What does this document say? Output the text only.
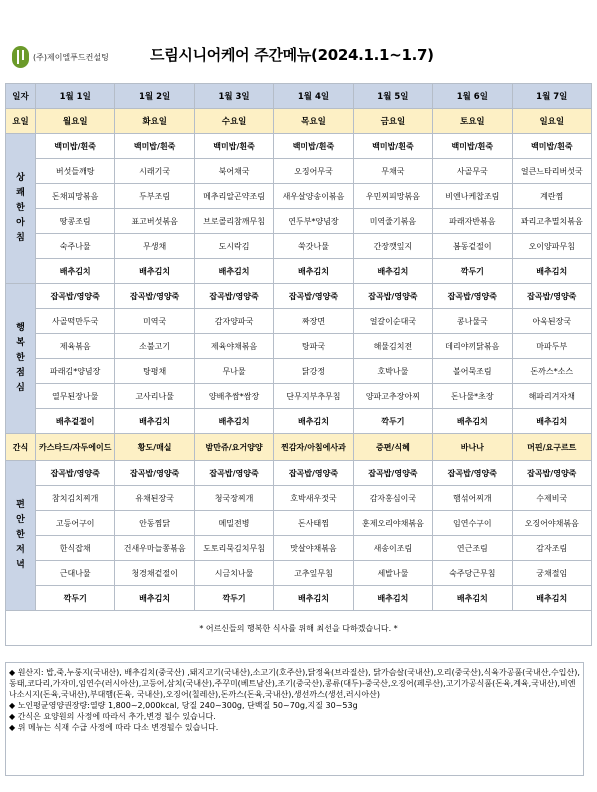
(주)제이엘푸드컨설팅	드림시니어케어 주간메뉴(2024.1.1~1.7)
일자	1월 1일	1월 2일	1월 3일	1월 4일	1월 5일	1월 6일	1월 7일
요일	월요일	화요일	수요일	목요일	금요일	토요일	일요일
상
쾌
한
아
침	백미밥/흰죽	백미밥/흰죽	백미밥/흰죽	백미밥/흰죽	백미밥/흰죽	백미밥/흰죽	백미밥/흰죽
	버섯들깨탕	시래기국	북어채국	오징어무국	무채국	사골무국	얼큰느타리버섯국
	돈채피망볶음	두부조림	메추리알곤약조림	새우살양송이볶음	우민찌피망볶음	비엔나케찹조림	계란찜
	땅콩조림	표고버섯볶음	브로콜리참깨무침	연두부*양념장	미역줄기볶음	파래자반볶음	꽈리고추멸치볶음
	숙주나물	무생채	도시락김	쑥갓나물	간장깻잎지	봄동겉절이	오이양파무침
	배추김치	배추김치	배추김치	배추김치	배추김치	깍두기	배추김치
행
복
한
점
심	잡곡밥/영양죽	잡곡밥/영양죽	잡곡밥/영양죽	잡곡밥/영양죽	잡곡밥/영양죽	잡곡밥/영양죽	잡곡밥/영양죽
	사골떡만두국	미역국	감자양파국	짜장면	얼갈이순대국	콩나물국	아욱된장국
	제육볶음	소불고기	제육야채볶음	탕파국	해물김치전	데리야끼닭볶음	마파두부
	파래김*양념장	탕평채	무나물	닭강정	호박나물	볼어묵조림	돈까스*소스
	열무된장나물	고사리나물	양배추쌈*쌈장	단무지부추무침	양파고추장아찌	돈나물*초장	해파리겨자채
	배추겉절이	배추김치	배추김치	배추김치	깍두기	배추김치	배추김치
간식	카스타드/자두에이드	황도/매실	밤만쥬/요거양양	찐감자/아침에사과	증편/식혜	바나나	머핀/요구르트
편
안
한
저
녁	잡곡밥/영양죽	잡곡밥/영양죽	잡곡밥/영양죽	잡곡밥/영양죽	잡곡밥/영양죽	잡곡밥/영양죽	잡곡밥/영양죽
	참치김치찌개	유채된장국	청국장찌개	호박새우젓국	감자홍심이국	햄섞어찌개	수제비국
	고등어구이	안동찜닭	메밀전병	돈사태찜	훈제오리야채볶음	임연수구이	오징어야채볶음
	한식잡채	건새우마늘쫑볶음	도토리묵김치무침	맛살야채볶음	새송이조림	연근조림	감자조림
	근대나물	청경채겉절이	시금치나물	고추잎무침	세발나물	숙주당근무침	궁채절임
	깍두기	배추김치	깍두기	배추김치	배추김치	배추김치	배추김치
* 어르신들의 행복한 식사를 위해 최선을 다하겠습니다. *							

◆ 원산지: 밥,죽,누룽지(국내산), 배추김치(중국산) ,돼지고기(국내산),소고기(호주산),닭정육(브라질산), 닭가슴살(국내산),오리(중국산),식육가공품(국내산,수입산),동태,코다리,가자미,임연수(러시아산),고등어,삼치(국내산),주꾸미(베트남산),조기(중국산),콩류(대두)-중국산,오징어(페루산),고기가공식품(돈육,계육,국내산),비엔나소시지(돈육,국내산),부대햄(돈육, 국내산),오징어(칠레산),돈까스(돈육,국내산),생선까스(생선,러시아산)

◆ 노인평균영양권장량:열량 1,800~2,000kcal, 당질 240~300g, 단백질 50~70g,지질 30~53g

◆ 간식은 요양원의 사정에 따라서 추가,변경 될수 있습니다.

◆ 위 메뉴는 식재 수급 사정에 따라 다소 변경될수 있습니다.
